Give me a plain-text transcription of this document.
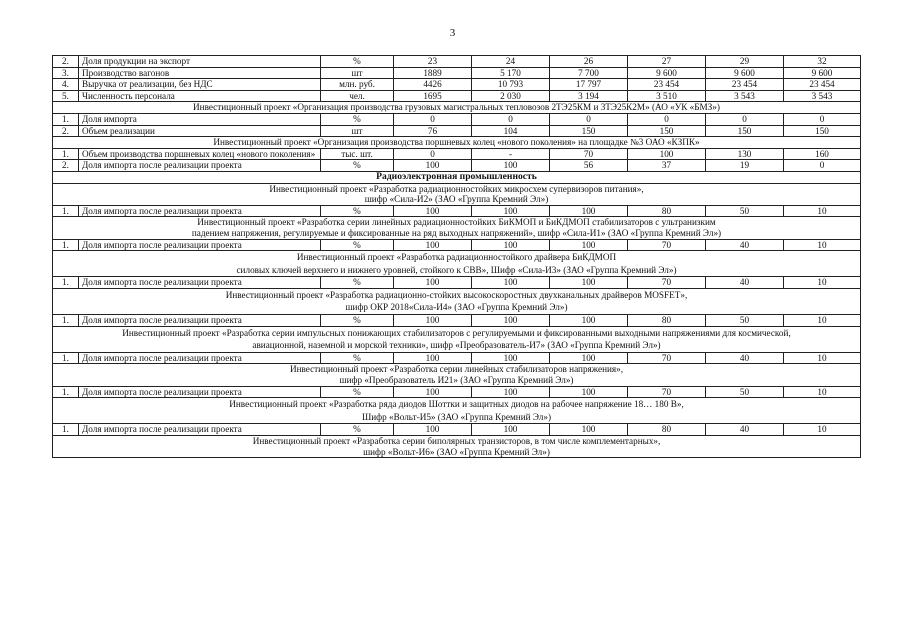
3
2.	Доля продукции на экспорт	%	23	24	26	27	29	32
3.	Производство вагонов	шт	1889	5 170	7 700	9 600	9 600	9 600
4.	Выручка от реализации, без НДС	млн. руб.	4426	10 793	17 797	23 454	23 454	23 454
5.	Численность персонала	чел.	1695	2 030	3 194	3 510	3 543	3 543
Инвестиционный проект «Организация производства грузовых магистральных тепловозов 2ТЭ25КМ и 3ТЭ25К2М» (АО «УК «БМЗ»)								
1.	Доля импорта	%	0	0	0	0	0	0
2.	Объем реализации	шт	76	104	150	150	150	150
Инвестиционный проект «Организация производства поршневых колец «нового поколения» на площадке №3 ОАО «КЗПК»								
1.	Объем производства поршневых колец «нового поколения»	тыс. шт.	0	-	70	100	130	160
2.	Доля импорта после реализации проекта	%	100	100	56	37	19	0
Радиоэлектронная промышленность								
Инвестиционный проект «Разработка радиационностойких микросхем супервизоров питания»,
шифр «Сила-И2» (ЗАО «Группа Кремний Эл»)								
1.	Доля импорта после реализации проекта	%	100	100	100	80	50	10
Инвестиционный проект «Разработка серии линейных радиационностойких БиКМОП и БиКДМОП стабилизаторов с ультранизким
падением напряжения, регулируемые и фиксированные на ряд выходных напряжений», шифр «Сила-И1» (ЗАО «Группа Кремний Эл»)								
1.	Доля импорта после реализации проекта	%	100	100	100	70	40	10
Инвестиционный проект «Разработка радиационностойкого драйвера БиКДМОП
силовых ключей верхнего и нижнего уровней, стойкого к СВВ», Шифр «Сила-И3» (ЗАО «Группа Кремний Эл»)								
1.	Доля импорта после реализации проекта	%	100	100	100	70	40	10
Инвестиционный проект «Разработка радиационно-стойких высокоскоростных двухканальных драйверов MOSFET»,
шифр ОКР 2018«Сила-И4» (ЗАО «Группа Кремний Эл»)								
1.	Доля импорта после реализации проекта	%	100	100	100	80	50	10
Инвестиционный проект «Разработка серии импульсных понижающих стабилизаторов с регулируемыми и фиксированными выходными напряжениями для космической,
авиационной, наземной и морской техники», шифр «Преобразователь-И7» (ЗАО «Группа Кремний Эл»)								
1.	Доля импорта после реализации проекта	%	100	100	100	70	40	10
Инвестиционный проект «Разработка серии линейных стабилизаторов напряжения»,
шифр «Преобразователь И21» (ЗАО «Группа Кремний Эл»)								
1.	Доля импорта после реализации проекта	%	100	100	100	70	50	10
Инвестиционный проект «Разработка ряда диодов Шоттки и защитных диодов на рабочее напряжение 18… 180 В»,
Шифр «Вольт-И5» (ЗАО «Группа Кремний Эл»)								
1.	Доля импорта после реализации проекта	%	100	100	100	80	40	10
Инвестиционный проект «Разработка серии биполярных транзисторов, в том числе комплементарных»,
шифр «Вольт-И6» (ЗАО «Группа Кремний Эл»)								
